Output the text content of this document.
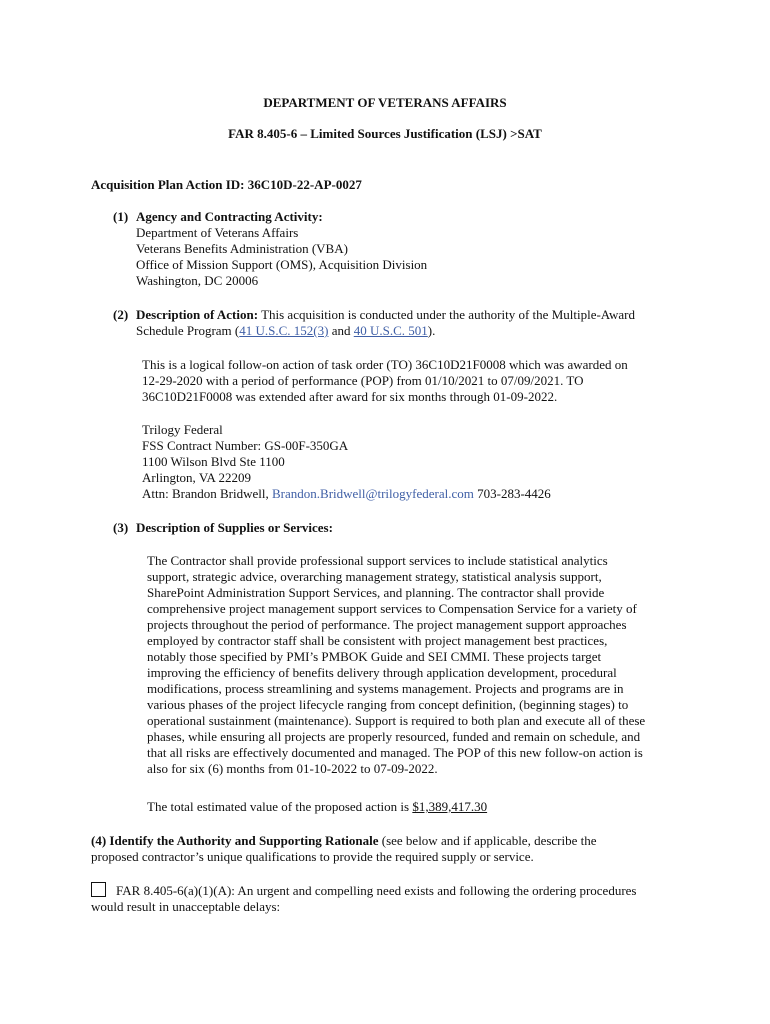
DEPARTMENT OF VETERANS AFFAIRS
FAR 8.405-6 – Limited Sources Justification (LSJ) >SAT
Acquisition Plan Action ID: 36C10D-22-AP-0027
(1) Agency and Contracting Activity:
Department of Veterans Affairs
Veterans Benefits Administration (VBA)
Office of Mission Support (OMS), Acquisition Division
Washington, DC 20006
(2) Description of Action: This acquisition is conducted under the authority of the Multiple-Award
Schedule Program (41 U.S.C. 152(3) and 40 U.S.C. 501).
This is a logical follow-on action of task order (TO) 36C10D21F0008 which was awarded on
12-29-2020 with a period of performance (POP) from 01/10/2021 to 07/09/2021. TO
36C10D21F0008 was extended after award for six months through 01-09-2022.
Trilogy Federal
FSS Contract Number: GS-00F-350GA
1100 Wilson Blvd Ste 1100
Arlington, VA 22209
Attn: Brandon Bridwell, Brandon.Bridwell@trilogyfederal.com 703-283-4426
(3) Description of Supplies or Services:
The Contractor shall provide professional support services to include statistical analytics
support, strategic advice, overarching management strategy, statistical analysis support,
SharePoint Administration Support Services, and planning. The contractor shall provide
comprehensive project management support services to Compensation Service for a variety of
projects throughout the period of performance. The project management support approaches
employed by contractor staff shall be consistent with project management best practices,
notably those specified by PMI’s PMBOK Guide and SEI CMMI. These projects target
improving the efficiency of benefits delivery through application development, procedural
modifications, process streamlining and systems management. Projects and programs are in
various phases of the project lifecycle ranging from concept definition, (beginning stages) to
operational sustainment (maintenance). Support is required to both plan and execute all of these
phases, while ensuring all projects are properly resourced, funded and remain on schedule, and
that all risks are effectively documented and managed. The POP of this new follow-on action is
also for six (6) months from 01-10-2022 to 07-09-2022.
The total estimated value of the proposed action is $1,389,417.30
(4) Identify the Authority and Supporting Rationale (see below and if applicable, describe the
proposed contractor’s unique qualifications to provide the required supply or service.
FAR 8.405-6(a)(1)(A): An urgent and compelling need exists and following the ordering procedures
would result in unacceptable delays:
